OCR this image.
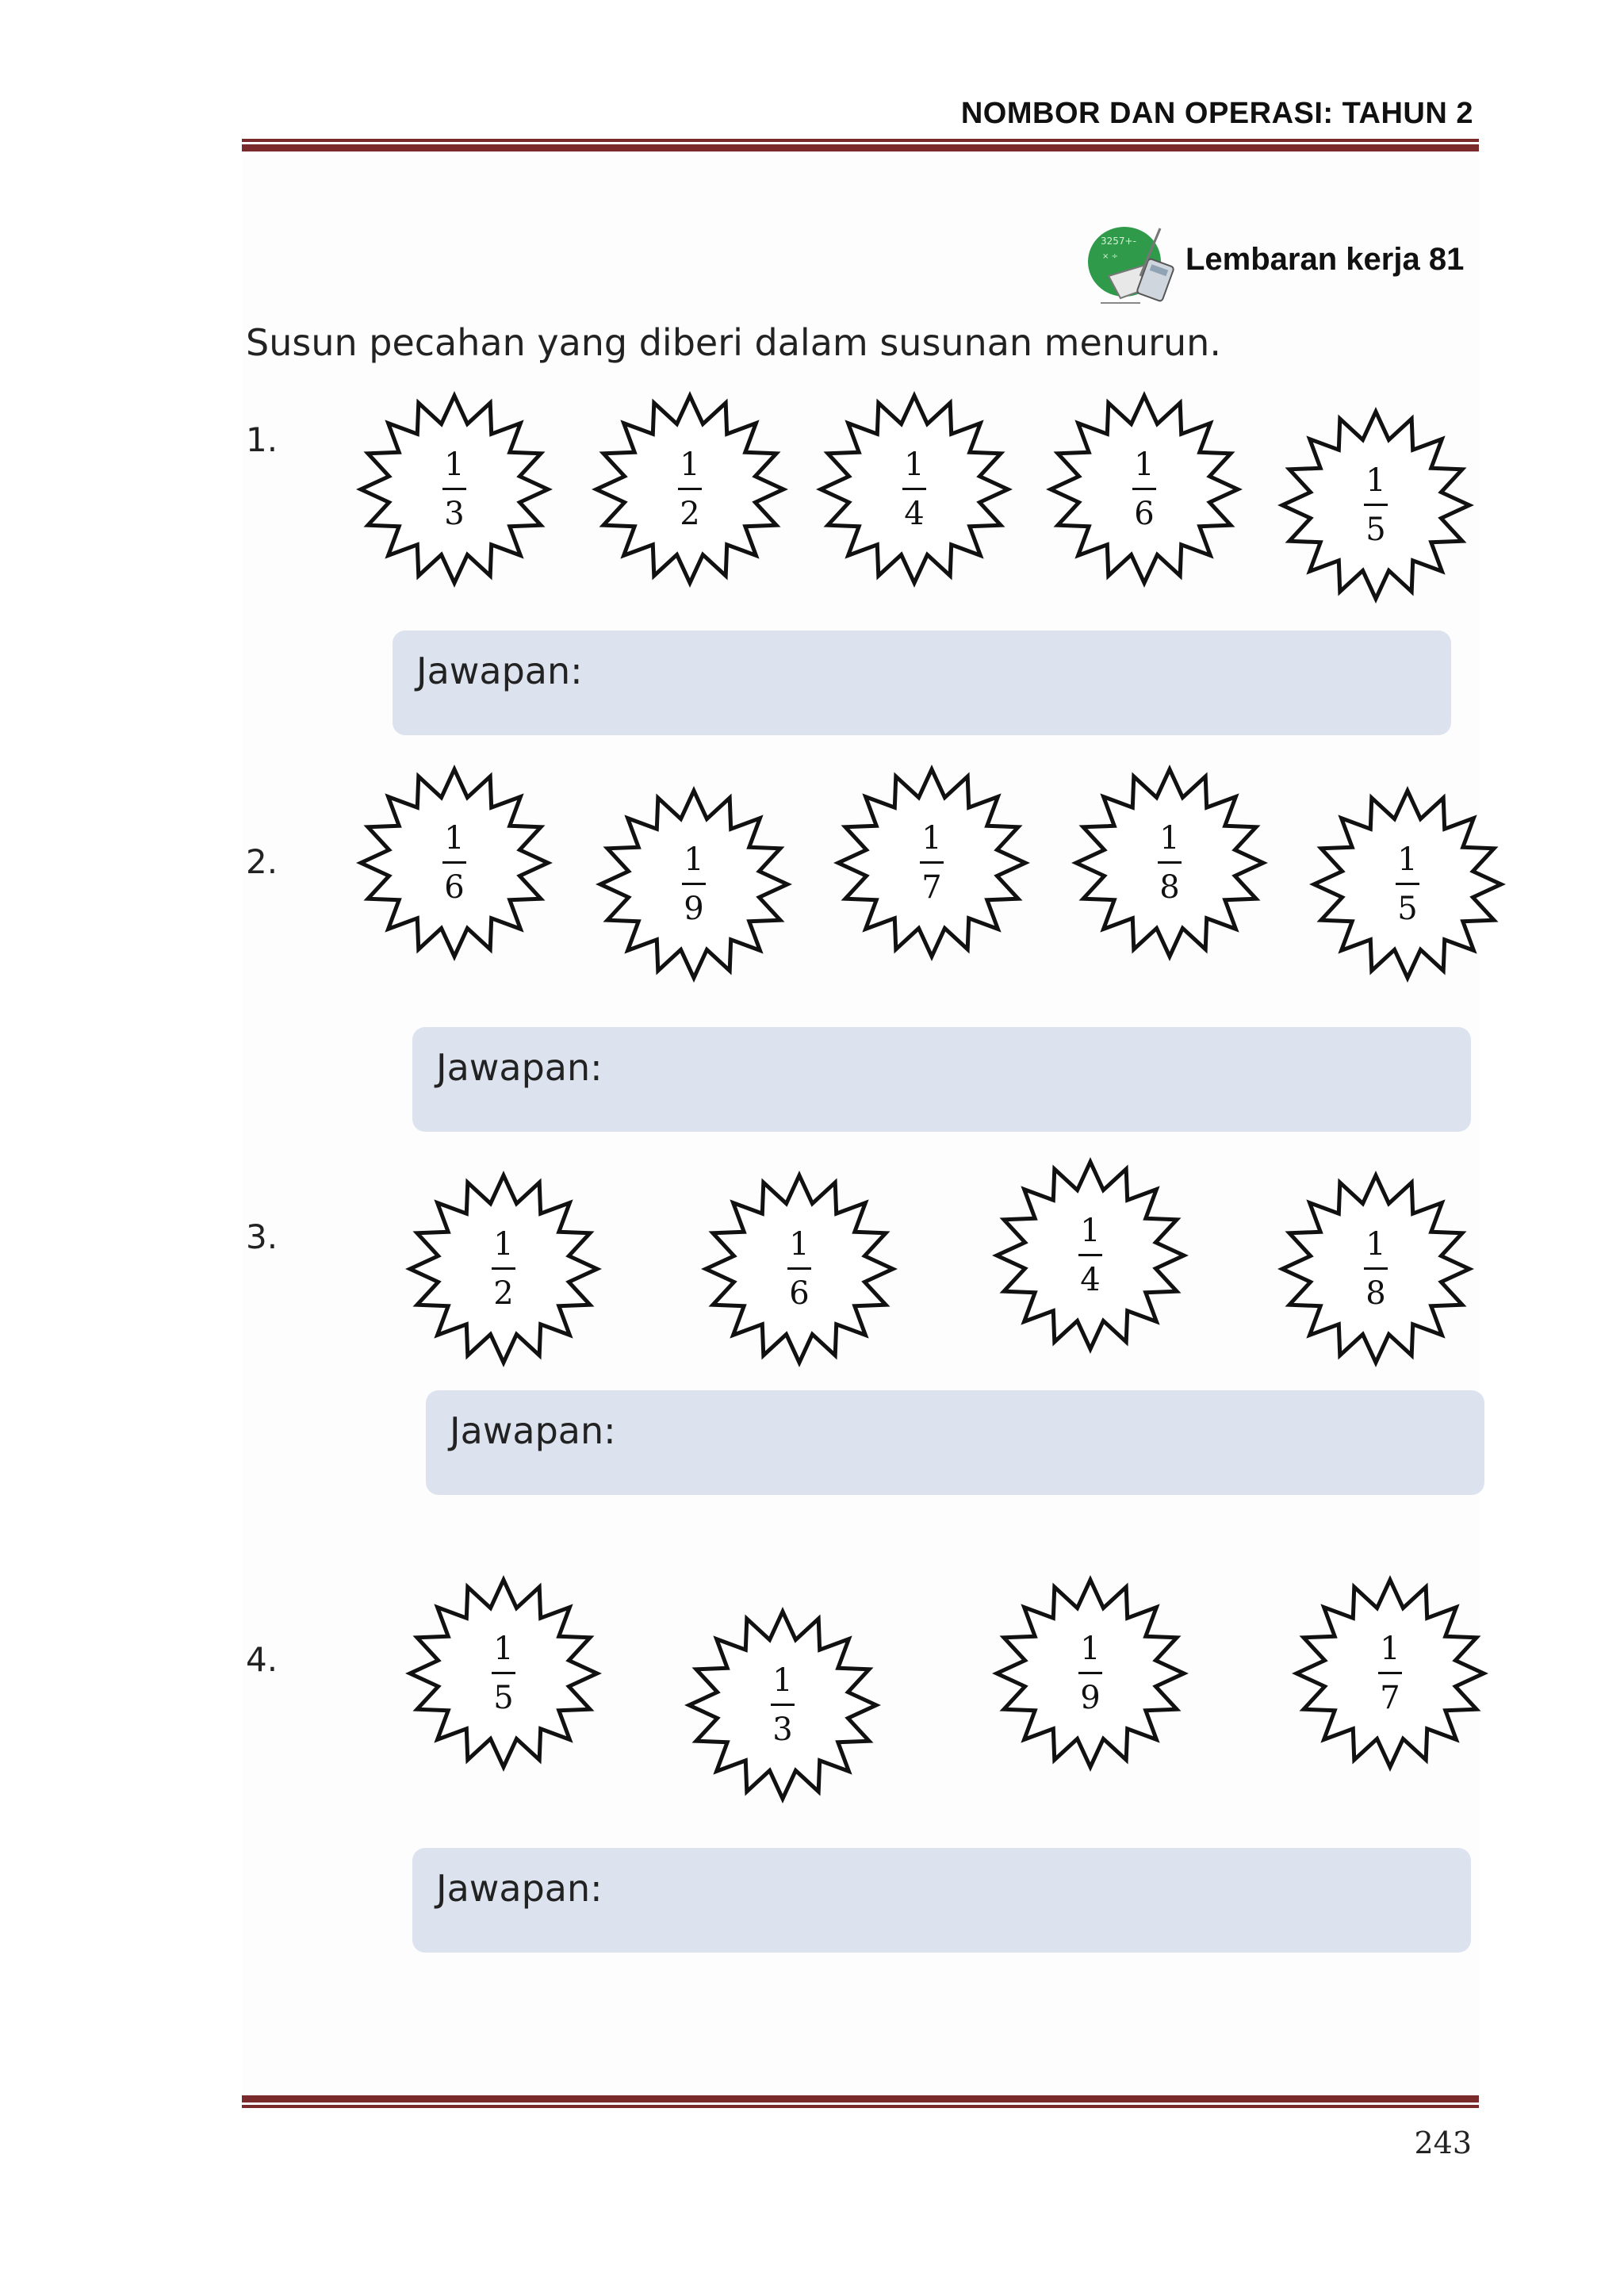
NOMBOR DAN OPERASI: TAHUN 2
3257+-
× ÷ Lembaran kerja 81
Susun pecahan yang diberi dalam susunan menurun.
1.
1
3
1
2
1
4
1
6
1
5
Jawapan:
2.
1
6
1
9
1
7
1
8
1
5
Jawapan:
3.	1
2
1
6
1
4
1
8
Jawapan:
4.	1
5	1
3
1
9
1
7
Jawapan:
243
